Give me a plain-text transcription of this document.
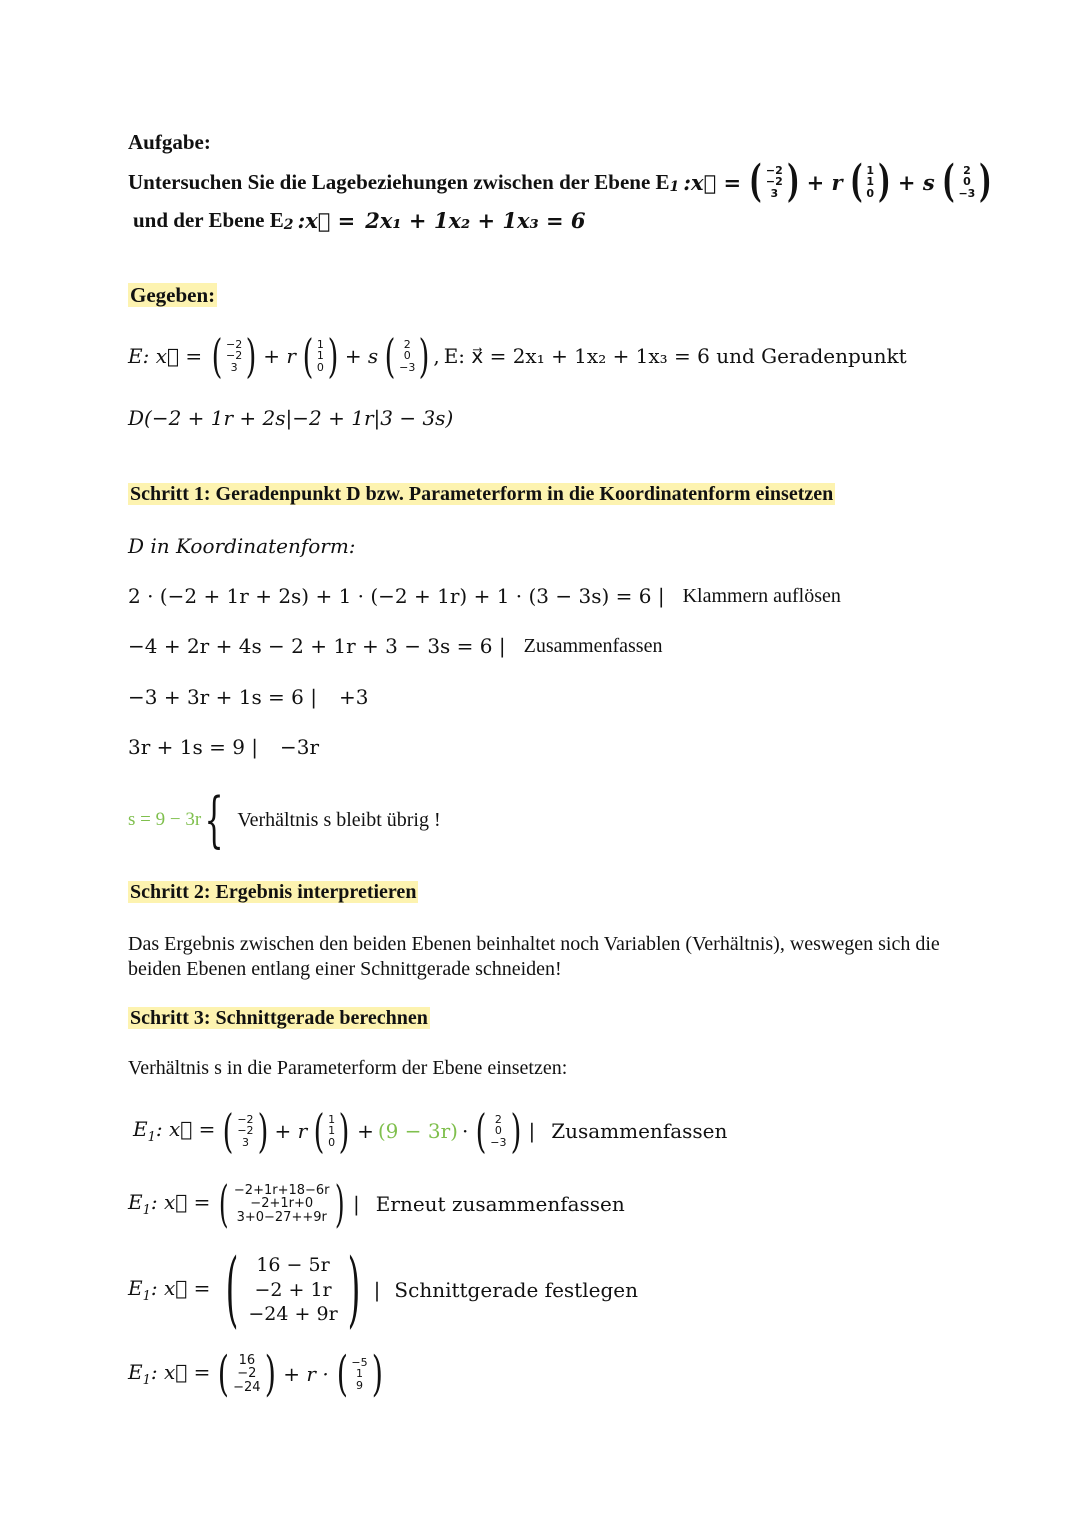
Aufgabe:
Untersuchen Sie die Lagebeziehungen zwischen der Ebene E 1 :x⃗ = ( −2
−2
3 ) + r ( 1
1
0 ) + s ( 2
0
−3 )
und der Ebene E 2 :x⃗ = 2x₁ + 1x₂ + 1x₃ = 6
Gegeben:
E: x⃗ = ( −2
−2
3 ) + r ( 1
1
0 ) + s ( 2
0
−3 ) , E: x⃗ = 2x₁ + 1x₂ + 1x₃ = 6 und Geradenpunkt
D(−2 + 1r + 2s|−2 + 1r|3 − 3s)
Schritt 1: Geradenpunkt D bzw. Parameterform in die Koordinatenform einsetzen
D in Koordinatenform:
2 · (−2 + 1r + 2s) + 1 · (−2 + 1r) + 1 · (3 − 3s) = 6 | Klammern auflösen
−4 + 2r + 4s − 2 + 1r + 3 − 3s = 6 | Zusammenfassen
−3 + 3r + 1s = 6 | +3
3r + 1s = 9 | −3r
s = 9 − 3r { Verhältnis s bleibt übrig !
Schritt 2: Ergebnis interpretieren
Das Ergebnis zwischen den beiden Ebenen beinhaltet noch Variablen (Verhältnis), weswegen sich die beiden Ebenen entlang einer Schnittgerade schneiden!
Schritt 3: Schnittgerade berechnen
Verhältnis s in die Parameterform der Ebene einsetzen:
$E_1$: x⃗ = ( −2
−2
3 ) + r ( 1
1
0 ) + (9 − 3r) · ( 2
0
−3 ) | Zusammenfassen
$E_1$: x⃗ = ( −2+1r+18−6r
−2+1r+0
3+0−27++9r ) | Erneut zusammenfassen
$E_1$: x⃗ = ( 16 − 5r
−2 + 1r
−24 + 9r ) | Schnittgerade festlegen
$E_1$: x⃗ = ( 16
−2
−24 ) + r · ( −5
1
9 )
